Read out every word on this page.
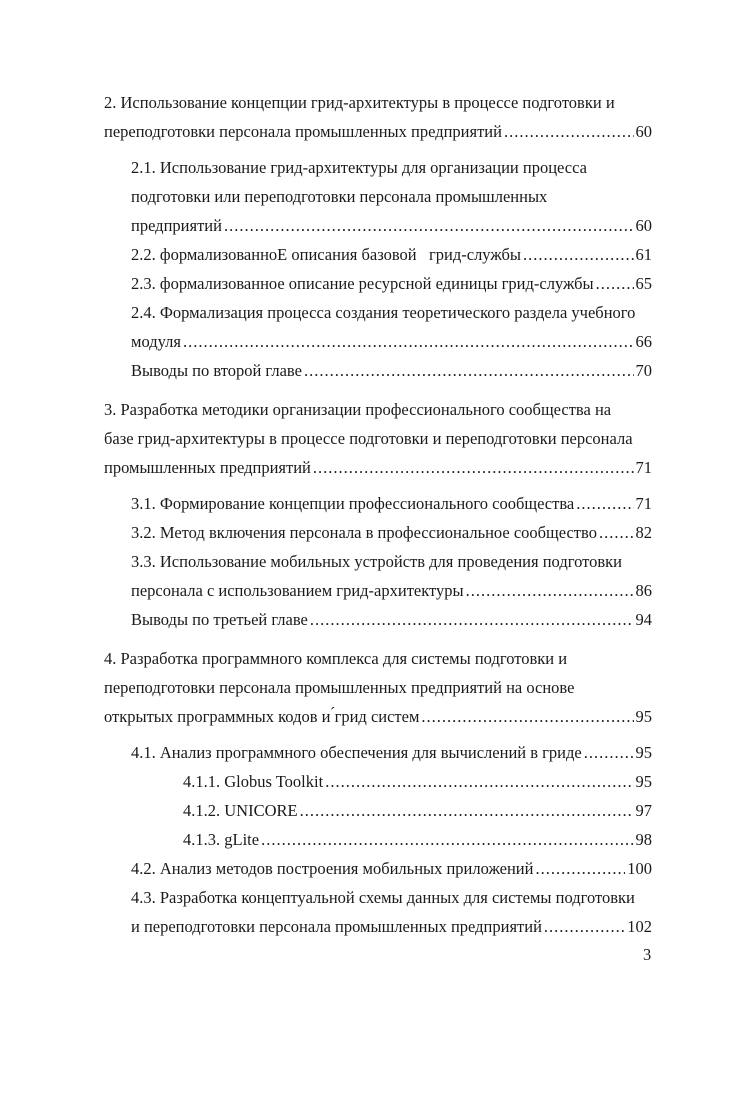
2. Использование концепции грид-архитектуры в процессе подготовки и
переподготовки персонала промышленных предприятий .....	60
2.1. Использование грид-архитектуры для организации процесса
подготовки или переподготовки персонала промышленных
предприятий .....	60
2.2. формализованноЕ описания базовой   грид-службы .....	61
2.3. формализованное описание ресурсной единицы грид-службы .....	65
2.4. Формализация процесса создания теоретического раздела учебного
модуля .....	66
Выводы по второй главе .....	70
3. Разработка методики организации профессионального сообщества на
базе грид-архитектуры в процессе подготовки и переподготовки персонала
промышленных предприятий .....	71
3.1. Формирование концепции профессионального сообщества .....	71
3.2. Метод включения персонала в профессиональное сообщество ..... 82
3.3. Использование мобильных устройств для проведения подготовки
персонала с использованием грид-архитектуры .....	86
Выводы по третьей главе .....	94
4. Разработка программного комплекса для системы подготовки и
переподготовки персонала промышленных предприятий на основе
открытых программных кодов и ́грид систем .....	95
4.1. Анализ программного обеспечения для вычислений в гриде .....	95
4.1.1. Globus Toolkit .....	95
4.1.2. UNICORE .....	97
4.1.3. gLite .....	98
4.2. Анализ методов построения мобильных приложений .....	100
4.3. Разработка концептуальной схемы данных для системы подготовки
и переподготовки персонала промышленных предприятий .....	102
3
